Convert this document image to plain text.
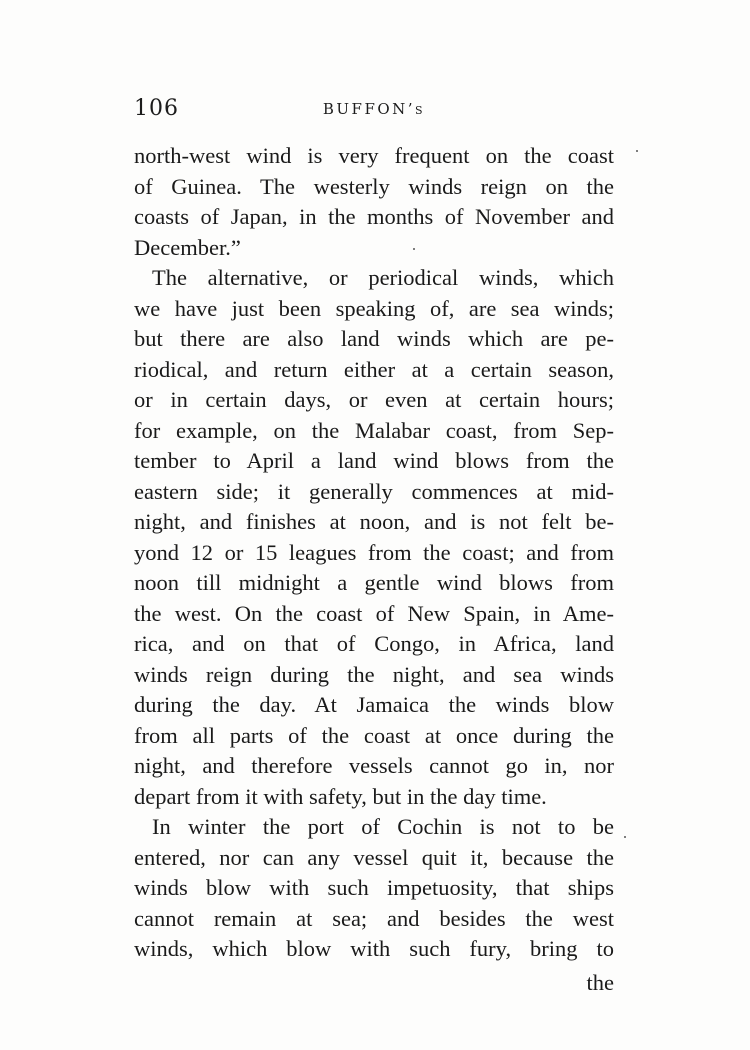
106	BUFFON’s
north-west wind is very frequent on the coast
of Guinea. The westerly winds reign on the
coasts of Japan, in the months of November and
December.”
The alternative, or periodical winds, which
we have just been speaking of, are sea winds;
but there are also land winds which are pe-
riodical, and return either at a certain season,
or in certain days, or even at certain hours;
for example, on the Malabar coast, from Sep-
tember to April a land wind blows from the
eastern side; it generally commences at mid-
night, and finishes at noon, and is not felt be-
yond 12 or 15 leagues from the coast; and from
noon till midnight a gentle wind blows from
the west. On the coast of New Spain, in Ame-
rica, and on that of Congo, in Africa, land
winds reign during the night, and sea winds
during the day. At Jamaica the winds blow
from all parts of the coast at once during the
night, and therefore vessels cannot go in, nor
depart from it with safety, but in the day time.
In winter the port of Cochin is not to be
entered, nor can any vessel quit it, because the
winds blow with such impetuosity, that ships
cannot remain at sea; and besides the west
winds, which blow with such fury, bring to
the
